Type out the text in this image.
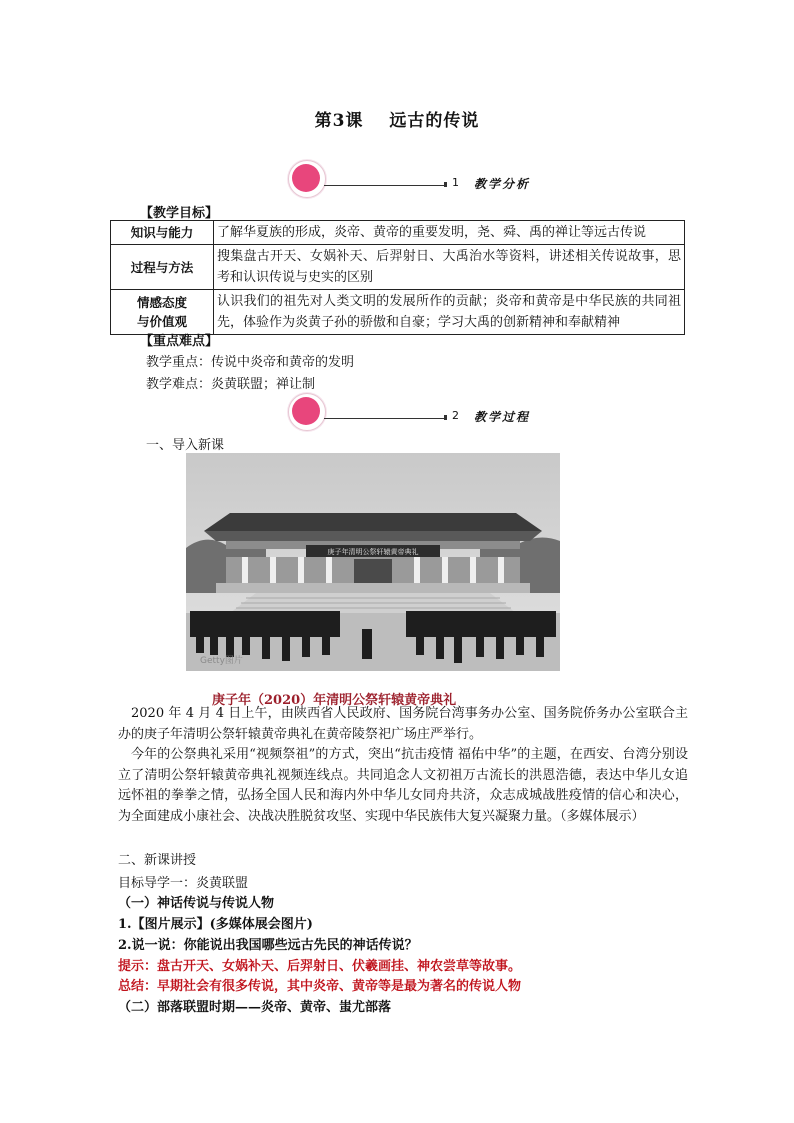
第3课 远古的传说
1 教学分析
【教学目标】
知识与能力	了解华夏族的形成，炎帝、黄帝的重要发明，尧、舜、禹的禅让等远古传说
过程与方法	搜集盘古开天、女娲补天、后羿射日、大禹治水等资料，讲述相关传说故事，思考和认识传说与史实的区别
情感态度
与价值观	认识我们的祖先对人类文明的发展所作的贡献；炎帝和黄帝是中华民族的共同祖先，体验作为炎黄子孙的骄傲和自豪；学习大禹的创新精神和奉献精神
【重点难点】
教学重点：传说中炎帝和黄帝的发明
教学难点：炎黄联盟；禅让制
2 教学过程
一、导入新课
庚子年清明公祭轩辕黄帝典礼
Getty图片
庚子年（2020）年清明公祭轩辕黄帝典礼
2020 年 4 月 4 日上午，由陕西省人民政府、国务院台湾事务办公室、国务院侨务办公室联合主办的庚子年清明公祭轩辕黄帝典礼在黄帝陵祭祀广场庄严举行。
今年的公祭典礼采用“视频祭祖”的方式，突出“抗击疫情 福佑中华”的主题，在西安、台湾分别设立了清明公祭轩辕黄帝典礼视频连线点。共同追念人文初祖万古流长的洪恩浩德，表达中华儿女追远怀祖的拳拳之情，弘扬全国人民和海内外中华儿女同舟共济，众志成城战胜疫情的信心和决心，为全面建成小康社会、决战决胜脱贫攻坚、实现中华民族伟大复兴凝聚力量。（多媒体展示）
二、新课讲授
目标导学一：炎黄联盟
（一）神话传说与传说人物
1.【图片展示】(多媒体展会图片)
2.说一说：你能说出我国哪些远古先民的神话传说？
提示：盘古开天、女娲补天、后羿射日、伏羲画挂、神农尝草等故事。
总结：早期社会有很多传说，其中炎帝、黄帝等是最为著名的传说人物
（二）部落联盟时期——炎帝、黄帝、蚩尤部落
